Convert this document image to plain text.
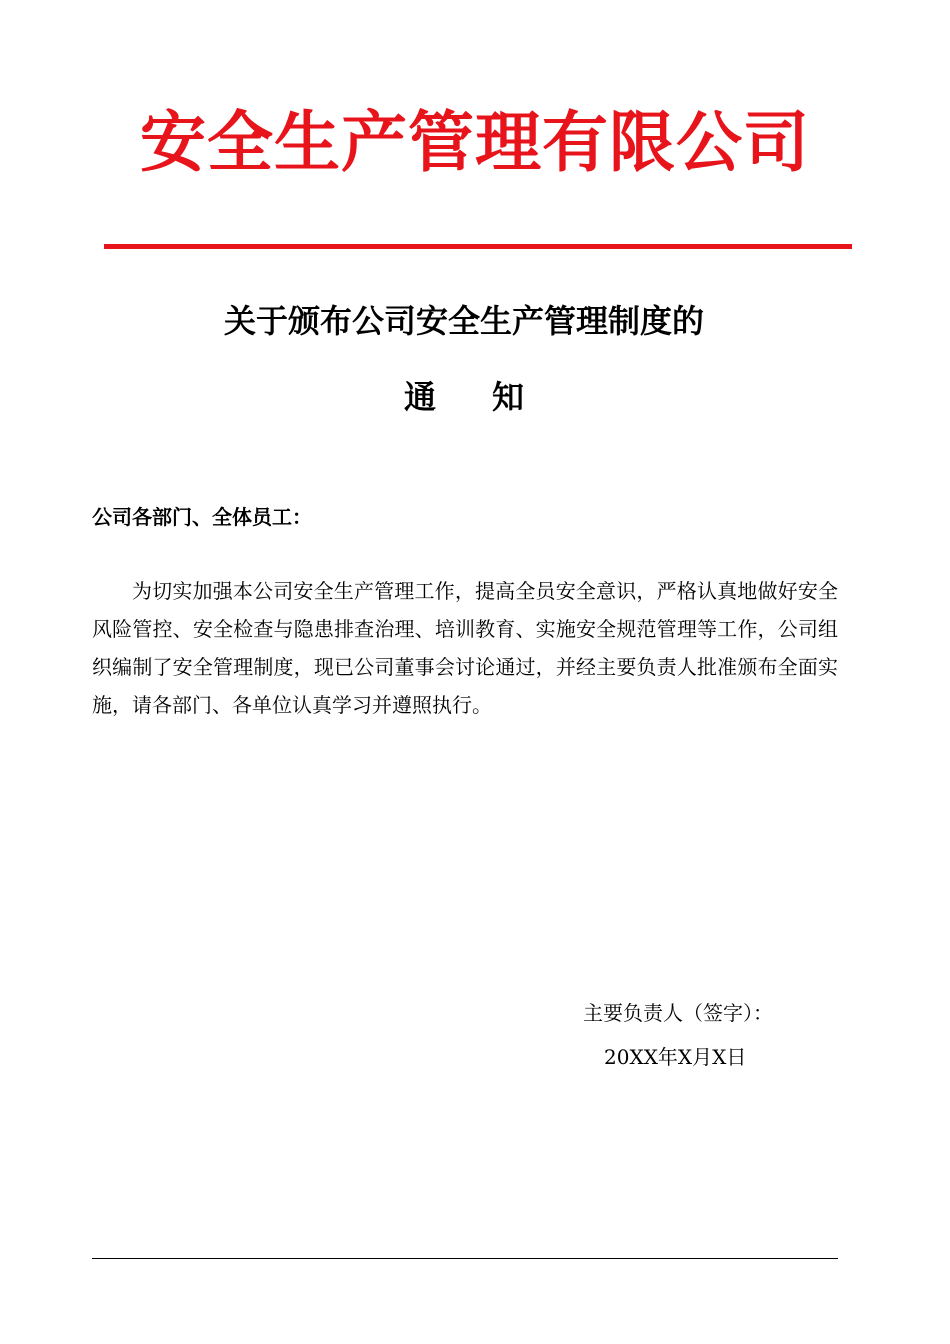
安全生产管理有限公司
关于颁布公司安全生产管理制度的
通知
公司各部门、全体员工：
为切实加强本公司安全生产管理工作，提高全员安全意识，严格认真地做好安全风险管控、安全检查与隐患排查治理、培训教育、实施安全规范管理等工作，公司组织编制了安全管理制度，现已公司董事会讨论通过，并经主要负责人批准颁布全面实施，请各部门、各单位认真学习并遵照执行。
主要负责人（签字）：
20XX年X月X日
